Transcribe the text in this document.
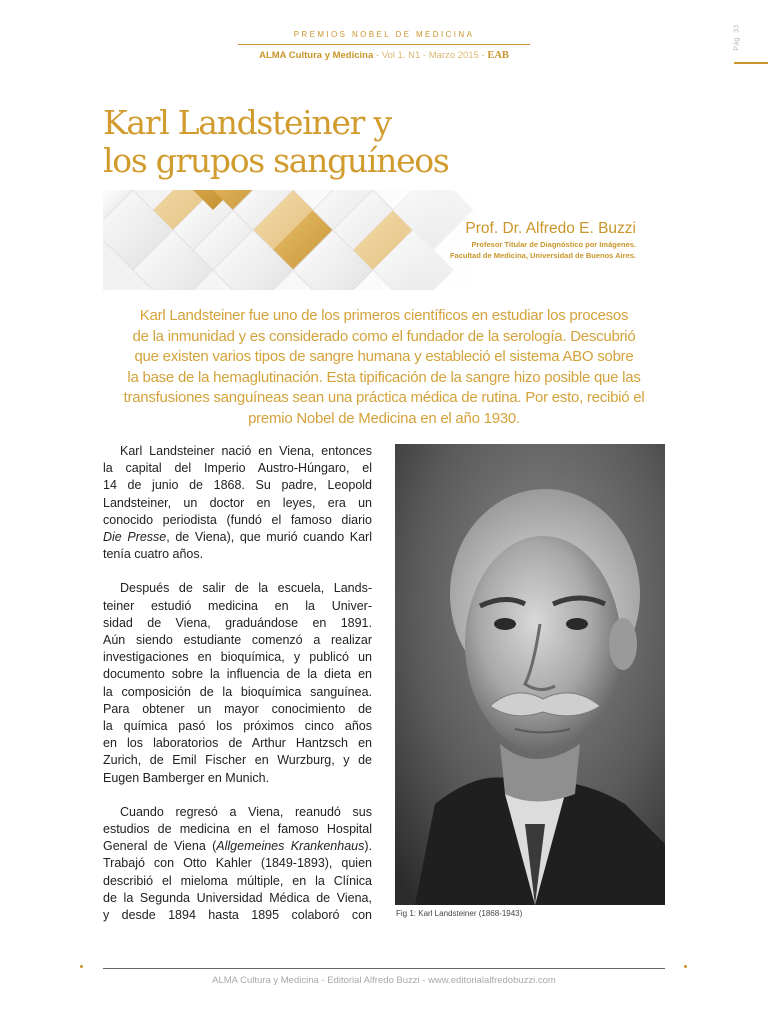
PREMIOS NOBEL DE MEDICINA
ALMA Cultura y Medicina - Vol 1. N1 - Marzo 2015 - EAB
Pág. 33
Karl Landsteiner y
los grupos sanguíneos
Prof. Dr. Alfredo E. Buzzi
Profesor Titular de Diagnóstico por Imágenes.
Facultad de Medicina, Universidad de Buenos Aires.
Karl Landsteiner fue uno de los primeros científicos en estudiar los procesos
de la inmunidad y es considerado como el fundador de la serología. Descubrió
que existen varios tipos de sangre humana y estableció el sistema ABO sobre
la base de la hemaglutinación. Esta tipificación de la sangre hizo posible que las
transfusiones sanguíneas sean una práctica médica de rutina. Por esto, recibió el
premio Nobel de Medicina en el año 1930.

Karl Landsteiner nació en Viena, entonces
la capital del Imperio Austro-Húngaro, el
14 de junio de 1868. Su padre, Leopold
Landsteiner, un doctor en leyes, era un
conocido periodista (fundó el famoso diario
Die Presse, de Viena), que murió cuando Karl
tenía cuatro años.

Después de salir de la escuela, Lands-
teiner estudió medicina en la Univer-
sidad de Viena, graduándose en 1891.
Aún siendo estudiante comenzó a realizar
investigaciones en bioquímica, y publicó un
documento sobre la influencia de la dieta en
la composición de la bioquímica sanguínea.
Para obtener un mayor conocimiento de
la química pasó los próximos cinco años
en los laboratorios de Arthur Hantzsch en
Zurich, de Emil Fischer en Wurzburg, y de
Eugen Bamberger en Munich.

Cuando regresó a Viena, reanudó sus
estudios de medicina en el famoso Hospital
General de Viena (Allgemeines Krankenhaus).
Trabajó con Otto Kahler (1849-1893), quien
describió el mieloma múltiple, en la Clínica
de la Segunda Universidad Médica de Viena,
y desde 1894 hasta 1895 colaboró con	Fig 1: Karl Landsteiner (1868-1943)
ALMA Cultura y Medicina - Editorial Alfredo Buzzi - www.editorialalfredobuzzi.com
